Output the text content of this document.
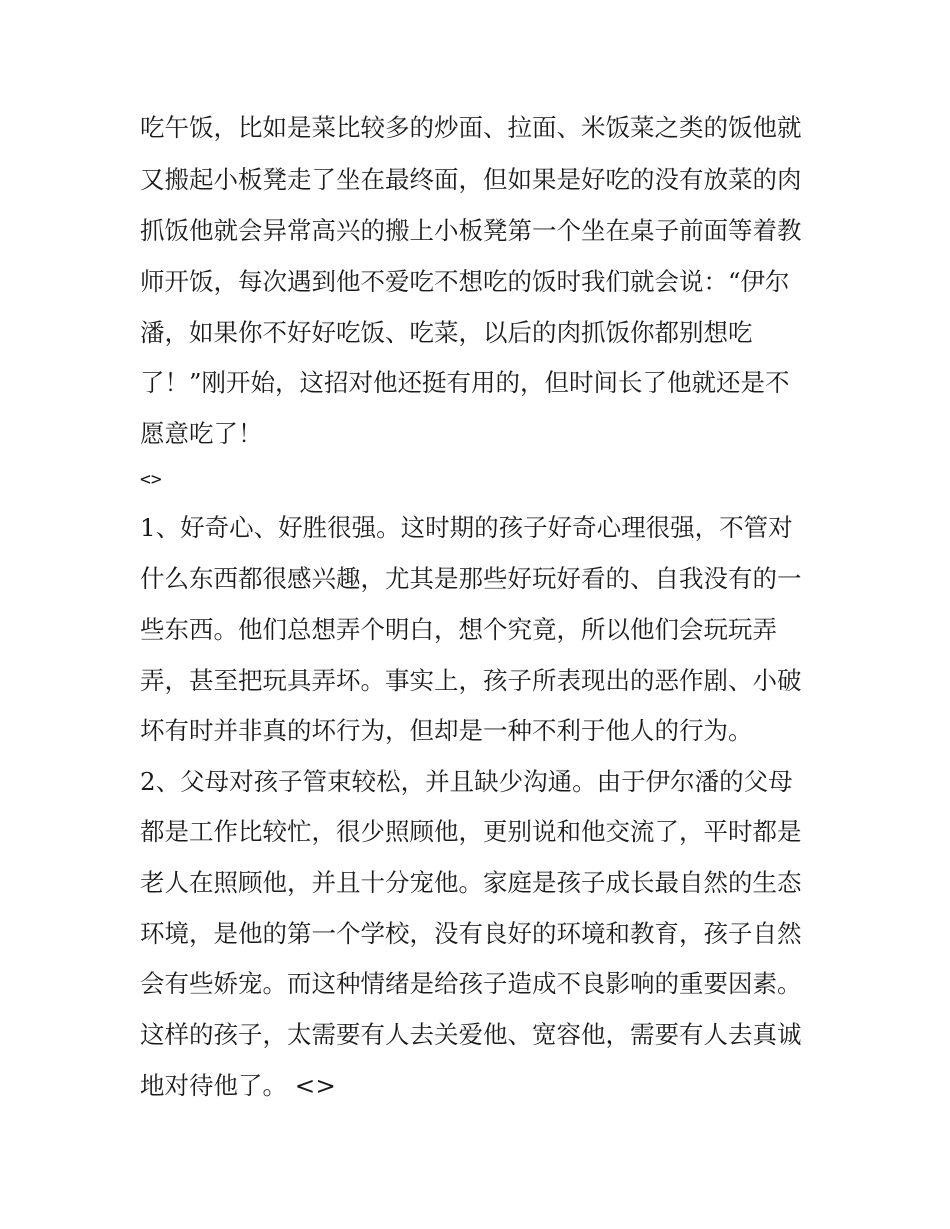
吃午饭，比如是菜比较多的炒面、拉面、米饭菜之类的饭他就
又搬起小板凳走了坐在最终面，但如果是好吃的没有放菜的肉
抓饭他就会异常高兴的搬上小板凳第一个坐在桌子前面等着教
师开饭，每次遇到他不爱吃不想吃的饭时我们就会说：“伊尔
潘，如果你不好好吃饭、吃菜，以后的肉抓饭你都别想吃
了！”刚开始，这招对他还挺有用的，但时间长了他就还是不
愿意吃了！
<>
1、好奇心、好胜很强。这时期的孩子好奇心理很强，不管对
什么东西都很感兴趣，尤其是那些好玩好看的、自我没有的一
些东西。他们总想弄个明白，想个究竟，所以他们会玩玩弄
弄，甚至把玩具弄坏。事实上，孩子所表现出的恶作剧、小破
坏有时并非真的坏行为，但却是一种不利于他人的行为。
2、父母对孩子管束较松，并且缺少沟通。由于伊尔潘的父母
都是工作比较忙，很少照顾他，更别说和他交流了，平时都是
老人在照顾他，并且十分宠他。家庭是孩子成长最自然的生态
环境，是他的第一个学校，没有良好的环境和教育，孩子自然
会有些娇宠。而这种情绪是给孩子造成不良影响的重要因素。
这样的孩子，太需要有人去关爱他、宽容他，需要有人去真诚
地对待他了。 <>
